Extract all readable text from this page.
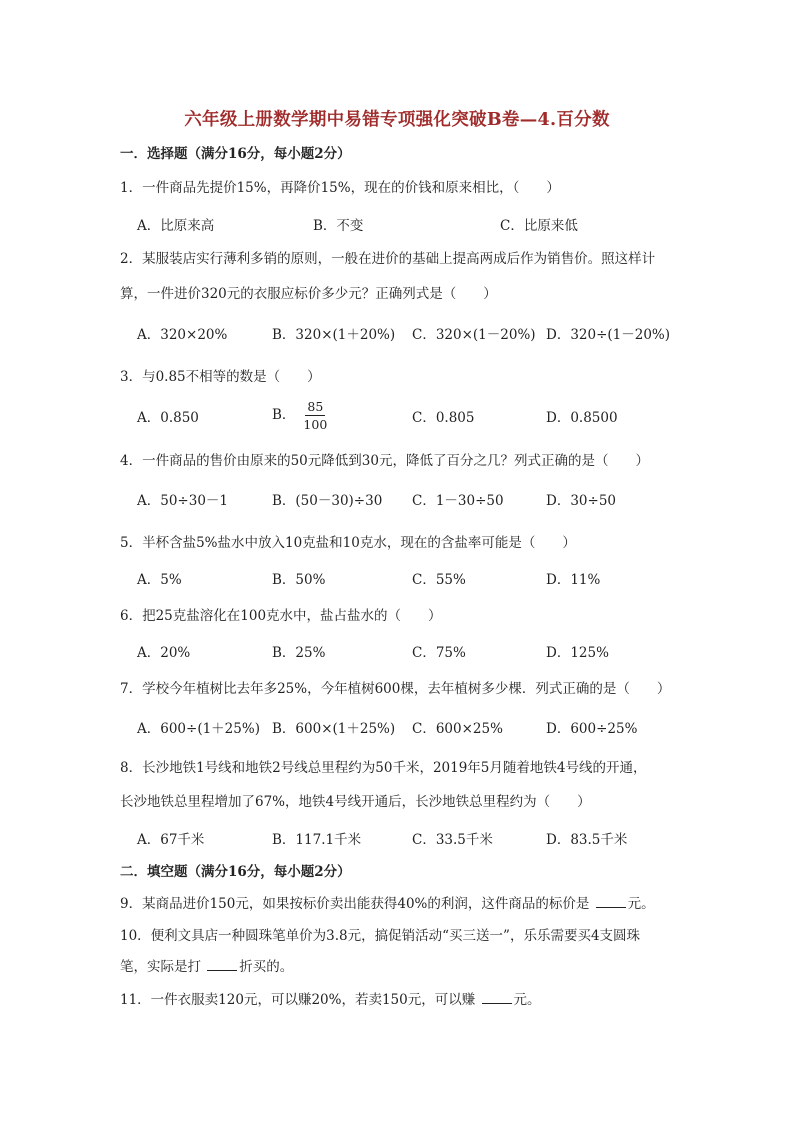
六年级上册数学期中易错专项强化突破B卷—4.百分数
一．选择题（满分16分，每小题2分）
1．一件商品先提价15%，再降价15%，现在的价钱和原来相比，（　　）
A．比原来高	B．不变	C．比原来低
2．某服装店实行薄利多销的原则，一般在进价的基础上提高两成后作为销售价。照这样计
算，一件进价320元的衣服应标价多少元？正确列式是（　　）
A．320×20%	B．320×(1＋20%) C．320×(1－20%) D．320÷(1－20%)
3．与0.85不相等的数是（　　）
A．0.850	B． $\frac{85}{100}$	C．0.805	D．0.8500
4．一件商品的售价由原来的50元降低到30元，降低了百分之几？列式正确的是（　　）
A．50÷30－1	B．(50－30)÷30 C．1－30÷50	D．30÷50
5．半杯含盐5%盐水中放入10克盐和10克水，现在的含盐率可能是（　　）
A．5%	B．50%	C．55%	D．11%
6．把25克盐溶化在100克水中，盐占盐水的（　　）
A．20%	B．25%	C．75%	D．125%
7．学校今年植树比去年多25%，今年植树600棵，去年植树多少棵．列式正确的是（　　）
A．600÷(1＋25%) B．600×(1＋25%) C．600×25%	D．600÷25%
8．长沙地铁1号线和地铁2号线总里程约为50千米，2019年5月随着地铁4号线的开通，
长沙地铁总里程增加了67%，地铁4号线开通后，长沙地铁总里程约为（　　）
A．67千米	B．117.1千米	C．33.5千米	D．83.5千米
二．填空题（满分16分，每小题2分）
9．某商品进价150元，如果按标价卖出能获得40%的利润，这件商品的标价是	元。
10．便利文具店一种圆珠笔单价为3.8元，搞促销活动“买三送一”，乐乐需要买4支圆珠
笔，实际是打	折买的。
11．一件衣服卖120元，可以赚20%，若卖150元，可以赚	元。
